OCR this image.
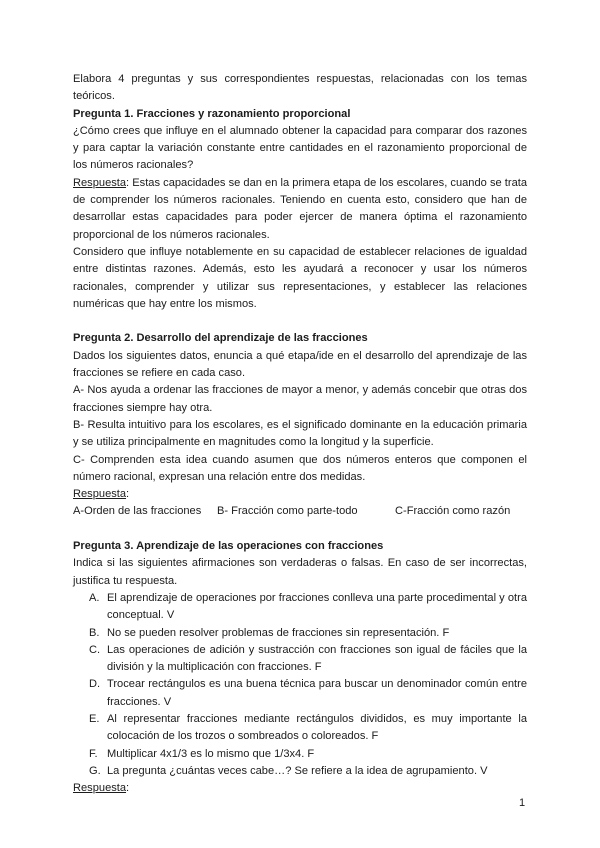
Elabora 4 preguntas y sus correspondientes respuestas, relacionadas con los temas teóricos.

Pregunta 1. Fracciones y razonamiento proporcional

¿Cómo crees que influye en el alumnado obtener la capacidad para comparar dos razones y para captar la variación constante entre cantidades en el razonamiento proporcional de los números racionales?

Respuesta: Estas capacidades se dan en la primera etapa de los escolares, cuando se trata de comprender los números racionales. Teniendo en cuenta esto, considero que han de desarrollar estas capacidades para poder ejercer de manera óptima el razonamiento proporcional de los números racionales.

Considero que influye notablemente en su capacidad de establecer relaciones de igualdad entre distintas razones. Además, esto les ayudará a reconocer y usar los números racionales, comprender y utilizar sus representaciones, y establecer las relaciones numéricas que hay entre los mismos.

Pregunta 2. Desarrollo del aprendizaje de las fracciones

Dados los siguientes datos, enuncia a qué etapa/ide en el desarrollo del aprendizaje de las fracciones se refiere en cada caso.

A- Nos ayuda a ordenar las fracciones de mayor a menor, y además concebir que otras dos fracciones siempre hay otra.

B- Resulta intuitivo para los escolares, es el significado dominante en la educación primaria y se utiliza principalmente en magnitudes como la longitud y la superficie.

C- Comprenden esta idea cuando asumen que dos números enteros que componen el número racional, expresan una relación entre dos medidas.

Respuesta:

A-Orden de las fracciones	B- Fracción como parte-todo	C-Fracción como razón

Pregunta 3. Aprendizaje de las operaciones con fracciones

Indica si las siguientes afirmaciones son verdaderas o falsas. En caso de ser incorrectas, justifica tu respuesta.

A. El aprendizaje de operaciones por fracciones conlleva una parte procedimental y otra conceptual. V
B. No se pueden resolver problemas de fracciones sin representación. F
C. Las operaciones de adición y sustracción con fracciones son igual de fáciles que la división y la multiplicación con fracciones. F
D. Trocear rectángulos es una buena técnica para buscar un denominador común entre fracciones. V
E. Al representar fracciones mediante rectángulos divididos, es muy importante la colocación de los trozos o sombreados o coloreados. F
F. Multiplicar 4x1/3 es lo mismo que 1/3x4. F
G. La pregunta ¿cuántas veces cabe…? Se refiere a la idea de agrupamiento. V

Respuesta:

1
